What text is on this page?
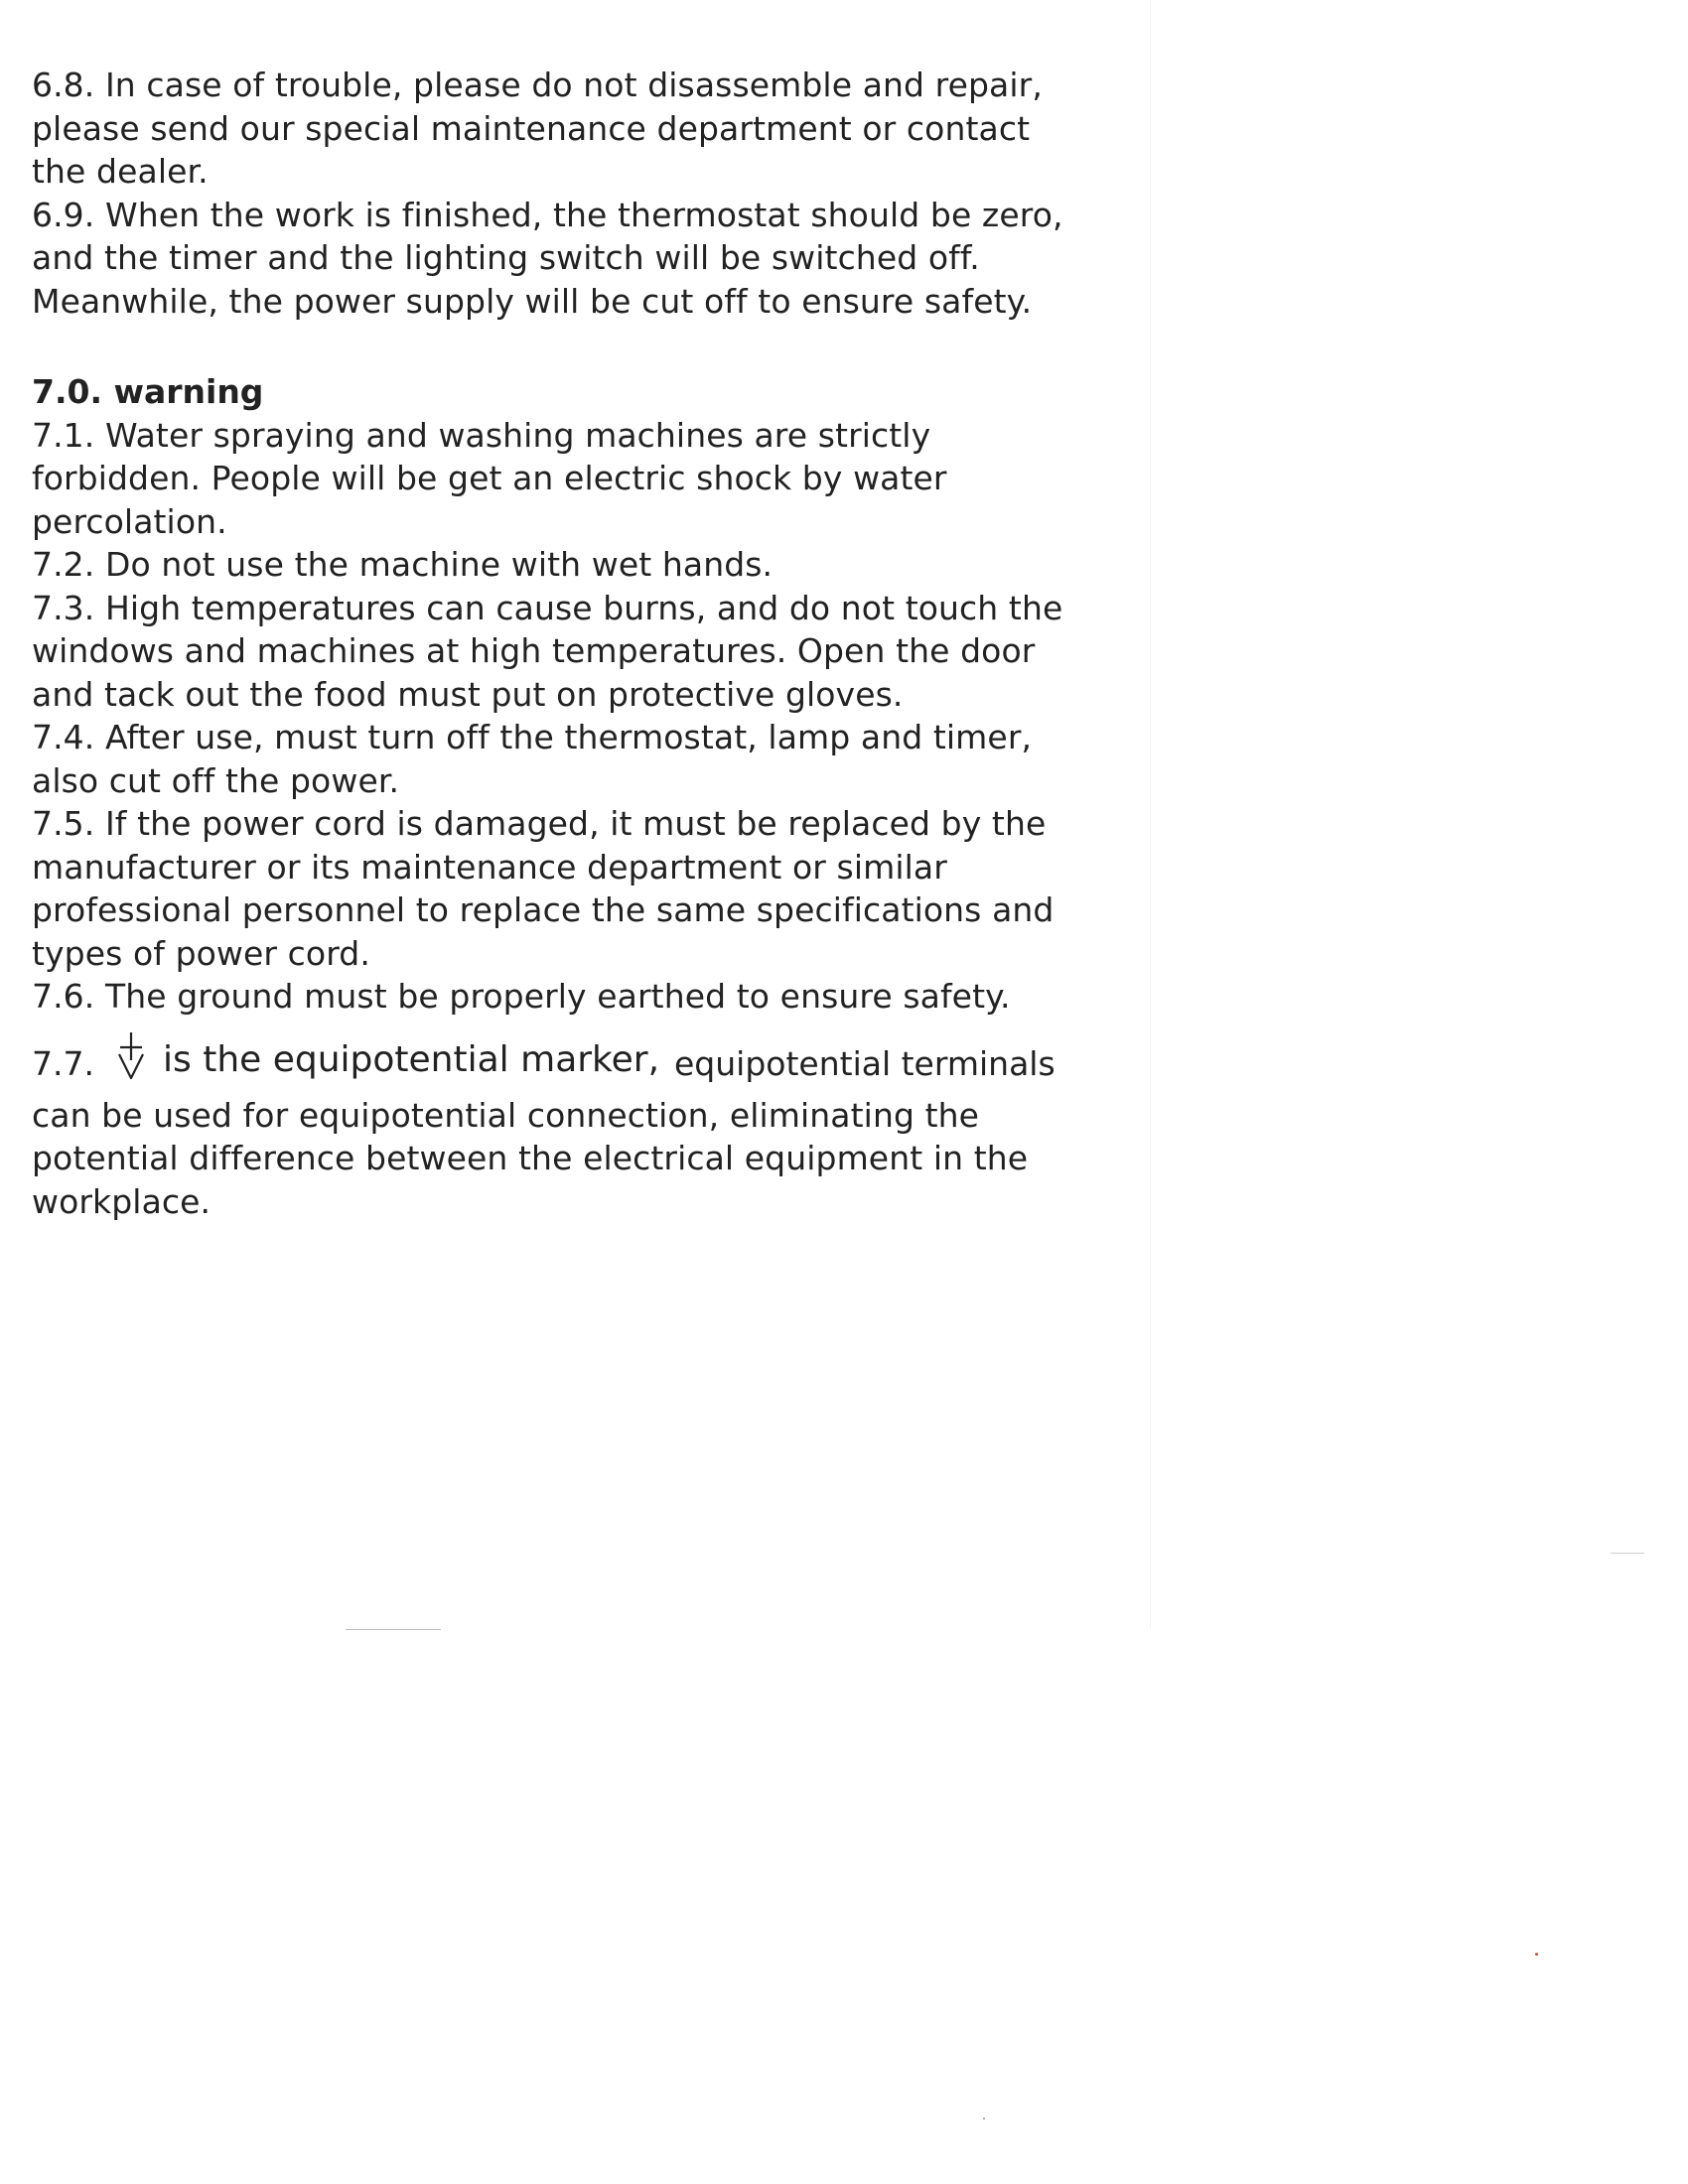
6.8. In case of trouble, please do not disassemble and repair,
please send our special maintenance department or contact
the dealer.
6.9. When the work is finished, the thermostat should be zero,
and the timer and the lighting switch will be switched off.
Meanwhile, the power supply will be cut off to ensure safety.
7.0. warning
7.1. Water spraying and washing machines are strictly
forbidden. People will be get an electric shock by water
percolation.
7.2. Do not use the machine with wet hands.
7.3. High temperatures can cause burns, and do not touch the
windows and machines at high temperatures. Open the door
and tack out the food must put on protective gloves.
7.4. After use, must turn off the thermostat, lamp and timer,
also cut off the power.
7.5. If the power cord is damaged, it must be replaced by the
manufacturer or its maintenance department or similar
professional personnel to replace the same specifications and
types of power cord.
7.6. The ground must be properly earthed to ensure safety.
7.7. is the equipotential marker, equipotential terminals
can be used for equipotential connection, eliminating the
potential difference between the electrical equipment in the
workplace.
